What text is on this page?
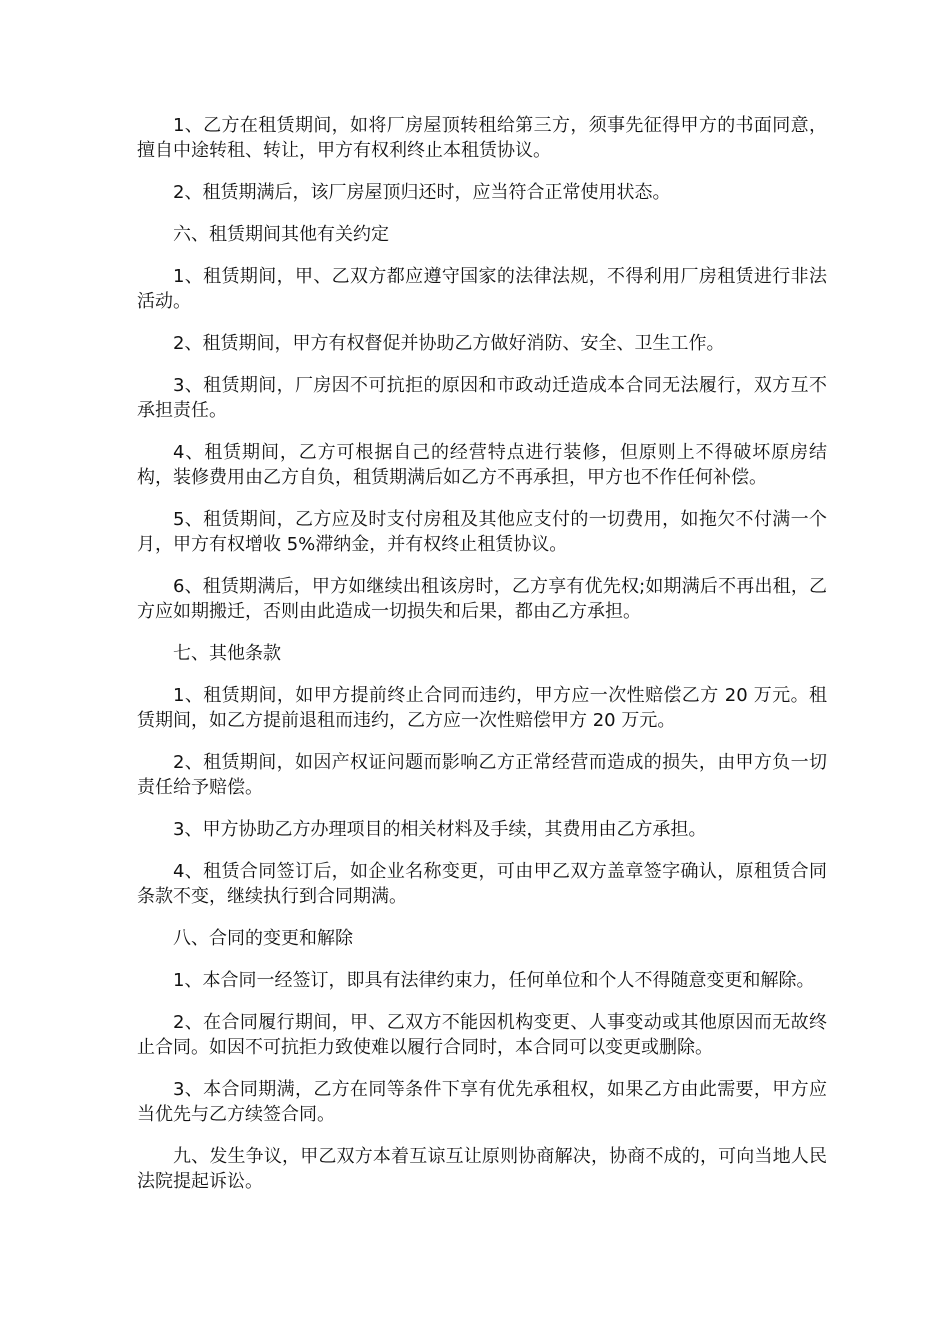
1、乙方在租赁期间，如将厂房屋顶转租给第三方，须事先征得甲方的书面同意，擅自中途转租、转让，甲方有权利终止本租赁协议。

2、租赁期满后，该厂房屋顶归还时，应当符合正常使用状态。

六、租赁期间其他有关约定

1、租赁期间，甲、乙双方都应遵守国家的法律法规，不得利用厂房租赁进行非法活动。

2、租赁期间，甲方有权督促并协助乙方做好消防、安全、卫生工作。

3、租赁期间，厂房因不可抗拒的原因和市政动迁造成本合同无法履行，双方互不承担责任。

4、租赁期间，乙方可根据自己的经营特点进行装修，但原则上不得破坏原房结构，装修费用由乙方自负，租赁期满后如乙方不再承担，甲方也不作任何补偿。

5、租赁期间，乙方应及时支付房租及其他应支付的一切费用，如拖欠不付满一个月，甲方有权增收 5%滞纳金，并有权终止租赁协议。

6、租赁期满后，甲方如继续出租该房时，乙方享有优先权;如期满后不再出租，乙方应如期搬迁，否则由此造成一切损失和后果，都由乙方承担。

七、其他条款

1、租赁期间，如甲方提前终止合同而违约，甲方应一次性赔偿乙方 20 万元。租赁期间，如乙方提前退租而违约，乙方应一次性赔偿甲方 20 万元。

2、租赁期间，如因产权证问题而影响乙方正常经营而造成的损失，由甲方负一切责任给予赔偿。

3、甲方协助乙方办理项目的相关材料及手续，其费用由乙方承担。

4、租赁合同签订后，如企业名称变更，可由甲乙双方盖章签字确认，原租赁合同条款不变，继续执行到合同期满。

八、合同的变更和解除

1、本合同一经签订，即具有法律约束力，任何单位和个人不得随意变更和解除。

2、在合同履行期间，甲、乙双方不能因机构变更、人事变动或其他原因而无故终止合同。如因不可抗拒力致使难以履行合同时，本合同可以变更或删除。

3、本合同期满，乙方在同等条件下享有优先承租权，如果乙方由此需要，甲方应当优先与乙方续签合同。

九、发生争议，甲乙双方本着互谅互让原则协商解决，协商不成的，可向当地人民法院提起诉讼。
